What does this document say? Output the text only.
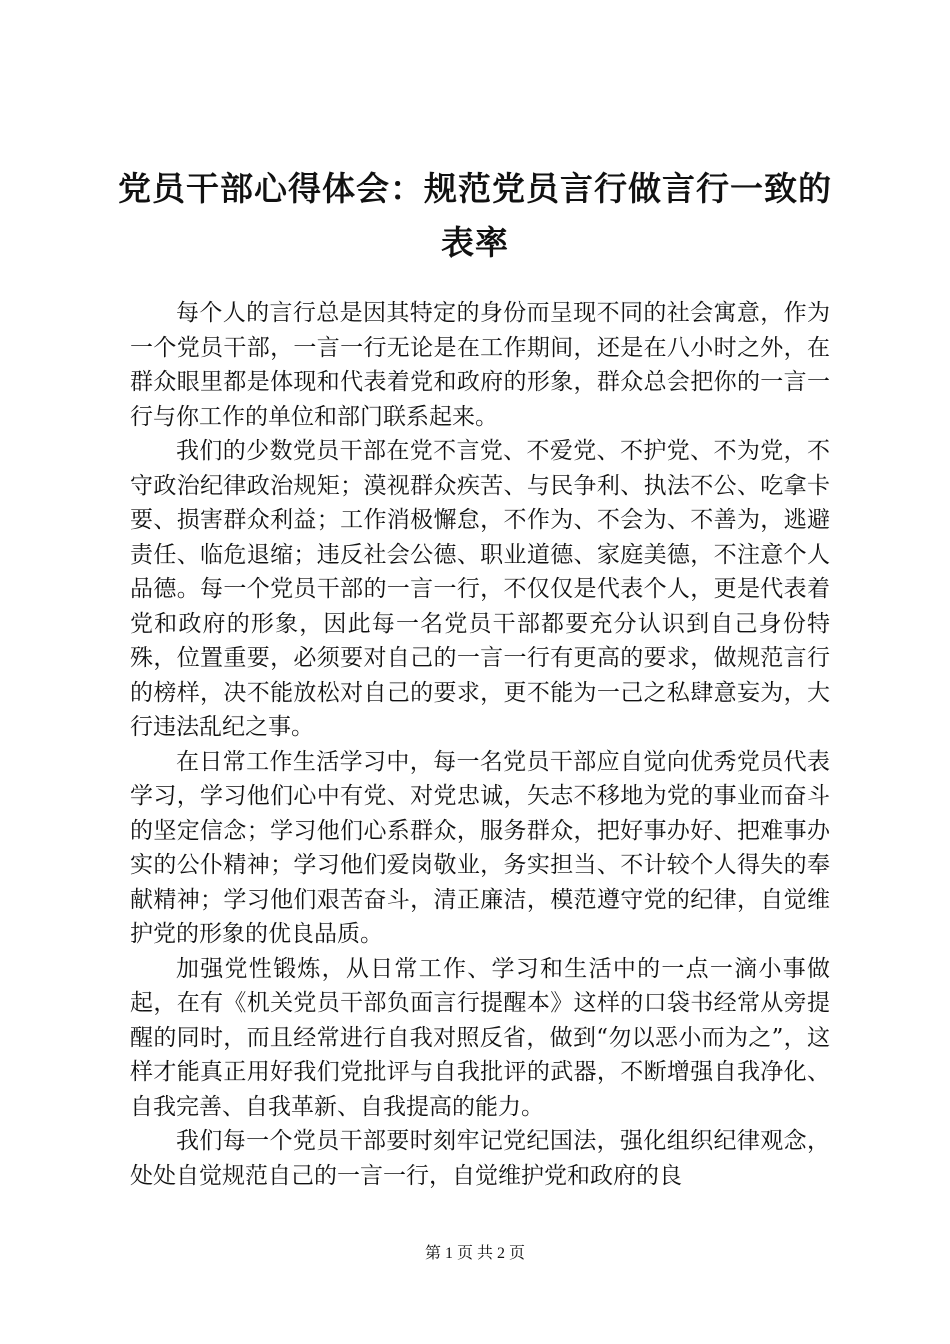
党员干部心得体会：规范党员言行做言行一致的表率

每个人的言行总是因其特定的身份而呈现不同的社会寓意，作为一个党员干部，一言一行无论是在工作期间，还是在八小时之外，在群众眼里都是体现和代表着党和政府的形象，群众总会把你的一言一行与你工作的单位和部门联系起来。

我们的少数党员干部在党不言党、不爱党、不护党、不为党，不守政治纪律政治规矩；漠视群众疾苦、与民争利、执法不公、吃拿卡要、损害群众利益；工作消极懈怠，不作为、不会为、不善为，逃避责任、临危退缩；违反社会公德、职业道德、家庭美德，不注意个人品德。每一个党员干部的一言一行，不仅仅是代表个人，更是代表着党和政府的形象，因此每一名党员干部都要充分认识到自己身份特殊，位置重要，必须要对自己的一言一行有更高的要求，做规范言行的榜样，决不能放松对自己的要求，更不能为一己之私肆意妄为，大行违法乱纪之事。

在日常工作生活学习中，每一名党员干部应自觉向优秀党员代表学习，学习他们心中有党、对党忠诚，矢志不移地为党的事业而奋斗的坚定信念；学习他们心系群众，服务群众，把好事办好、把难事办实的公仆精神；学习他们爱岗敬业，务实担当、不计较个人得失的奉献精神；学习他们艰苦奋斗，清正廉洁，模范遵守党的纪律，自觉维护党的形象的优良品质。

加强党性锻炼，从日常工作、学习和生活中的一点一滴小事做起，在有《机关党员干部负面言行提醒本》这样的口袋书经常从旁提醒的同时，而且经常进行自我对照反省，做到“勿以恶小而为之”，这样才能真正用好我们党批评与自我批评的武器，不断增强自我净化、自我完善、自我革新、自我提高的能力。

我们每一个党员干部要时刻牢记党纪国法，强化组织纪律观念，处处自觉规范自己的一言一行，自觉维护党和政府的良

第 1 页 共 2 页
